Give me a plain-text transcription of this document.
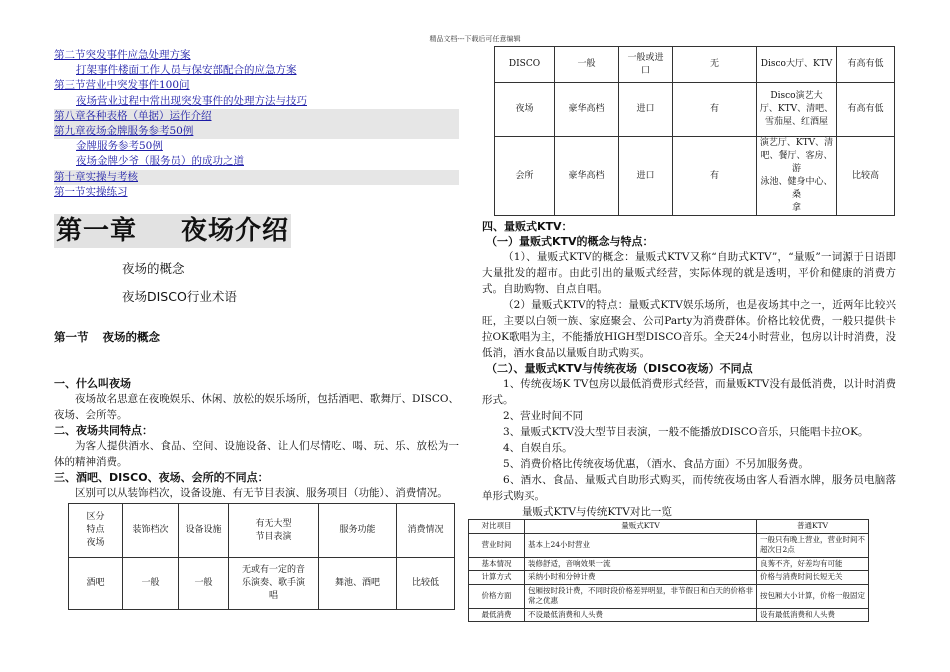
精品文档---下载后可任意编辑
第二节突发事件应急处理方案
打架事件楼面工作人员与保安部配合的应急方案
第三节营业中突发事件100问
夜场营业过程中常出现突发事件的处理方法与技巧
第八章各种表格（单据）运作介绍
第九章夜场金牌服务参考50例
金牌服务参考50例
夜场金牌少爷（服务员）的成功之道
第十章实操与考核
第一节实操练习
第一章 夜场介绍
夜场的概念
夜场DISCO行业术语
第一节 夜场的概念
一、什么叫夜场
夜场故名思意在夜晚娱乐、休闲、放松的娱乐场所，包括酒吧、歌舞厅、DISCO、夜场、会所等。
二、夜场共同特点：
为客人提供酒水、食品、空间、设施设备、让人们尽情吃、喝、玩、乐、放松为一体的精神消费。
三、酒吧、DISCO、夜场、会所的不同点：
区别可以从装饰档次，设备设施、有无节目表演、服务项目（功能）、消费情况。
区分
特点
夜场	装饰档次	设备设施	有无大型
节目表演	服务功能	消费情况
酒吧	一般	一般	无或有一定的音
乐演奏、歌手演
唱	舞池、酒吧	比较低
DISCO	一般	一般或进
口	无	Disco大厅、KTV	有高有低
夜场	豪华高档	进口	有	Disco演艺大
厅、KTV、清吧、
雪茄屋、红酒屋	有高有低
会所	豪华高档	进口	有	演艺厅、KTV、清
吧、餐厅、客房、游
泳池、健身中心、桑
拿	比较高
四、量贩式KTV：
（一）量贩式KTV的概念与特点：
（1）、量贩式KTV的概念：量贩式KTV又称“自助式KTV”，“量贩”一词源于日语即大量批发的超市。由此引出的量贩式经营，实际体现的就是透明，平价和健康的消费方式。自助购物、自点自唱。
（2）量贩式KTV的特点：量贩式KTV娱乐场所，也是夜场其中之一，近两年比较兴旺，主要以白领一族、家庭聚会、公司Party为消费群体。价格比较优费，一般只提供卡拉OK歌唱为主，不能播放HIGH型DISCO音乐。全天24小时营业，包房以计时消费，没低消，酒水食品以量贩自助式购买。
（二）、量贩式KTV与传统夜场（DISCO夜场）不同点
1、传统夜场K TV包房以最低消费形式经营，而量贩KTV没有最低消费，以计时消费形式。
2、营业时间不同
3、量贩式KTV没大型节目表演，一般不能播放DISCO音乐，只能唱卡拉OK。
4、自娱自乐。
5、消费价格比传统夜场优惠，（酒水、食品方面）不另加服务费。
6、酒水、食品、量贩式自助形式购买，而传统夜场由客人看酒水牌，服务员电脑落单形式购买。
量贩式KTV与传统KTV对比一览
对比项目	量贩式KTV	普通KTV
营业时间	基本上24小时营业	一般只有晚上营业，营业时间不超次日2点
基本情况	装修舒适，音响效果一流	良莠不齐，好差均有可能
计算方式	采纳小时和分钟计费	价格与消费时间长短无关
价格方面	包厢按时段计费，不同时段价格差异明显，非节假日和白天的价格非常之优惠	按包厢大小计算，价格一般固定
最低消费	不设最低消费和人头费	设有最低消费和人头费
